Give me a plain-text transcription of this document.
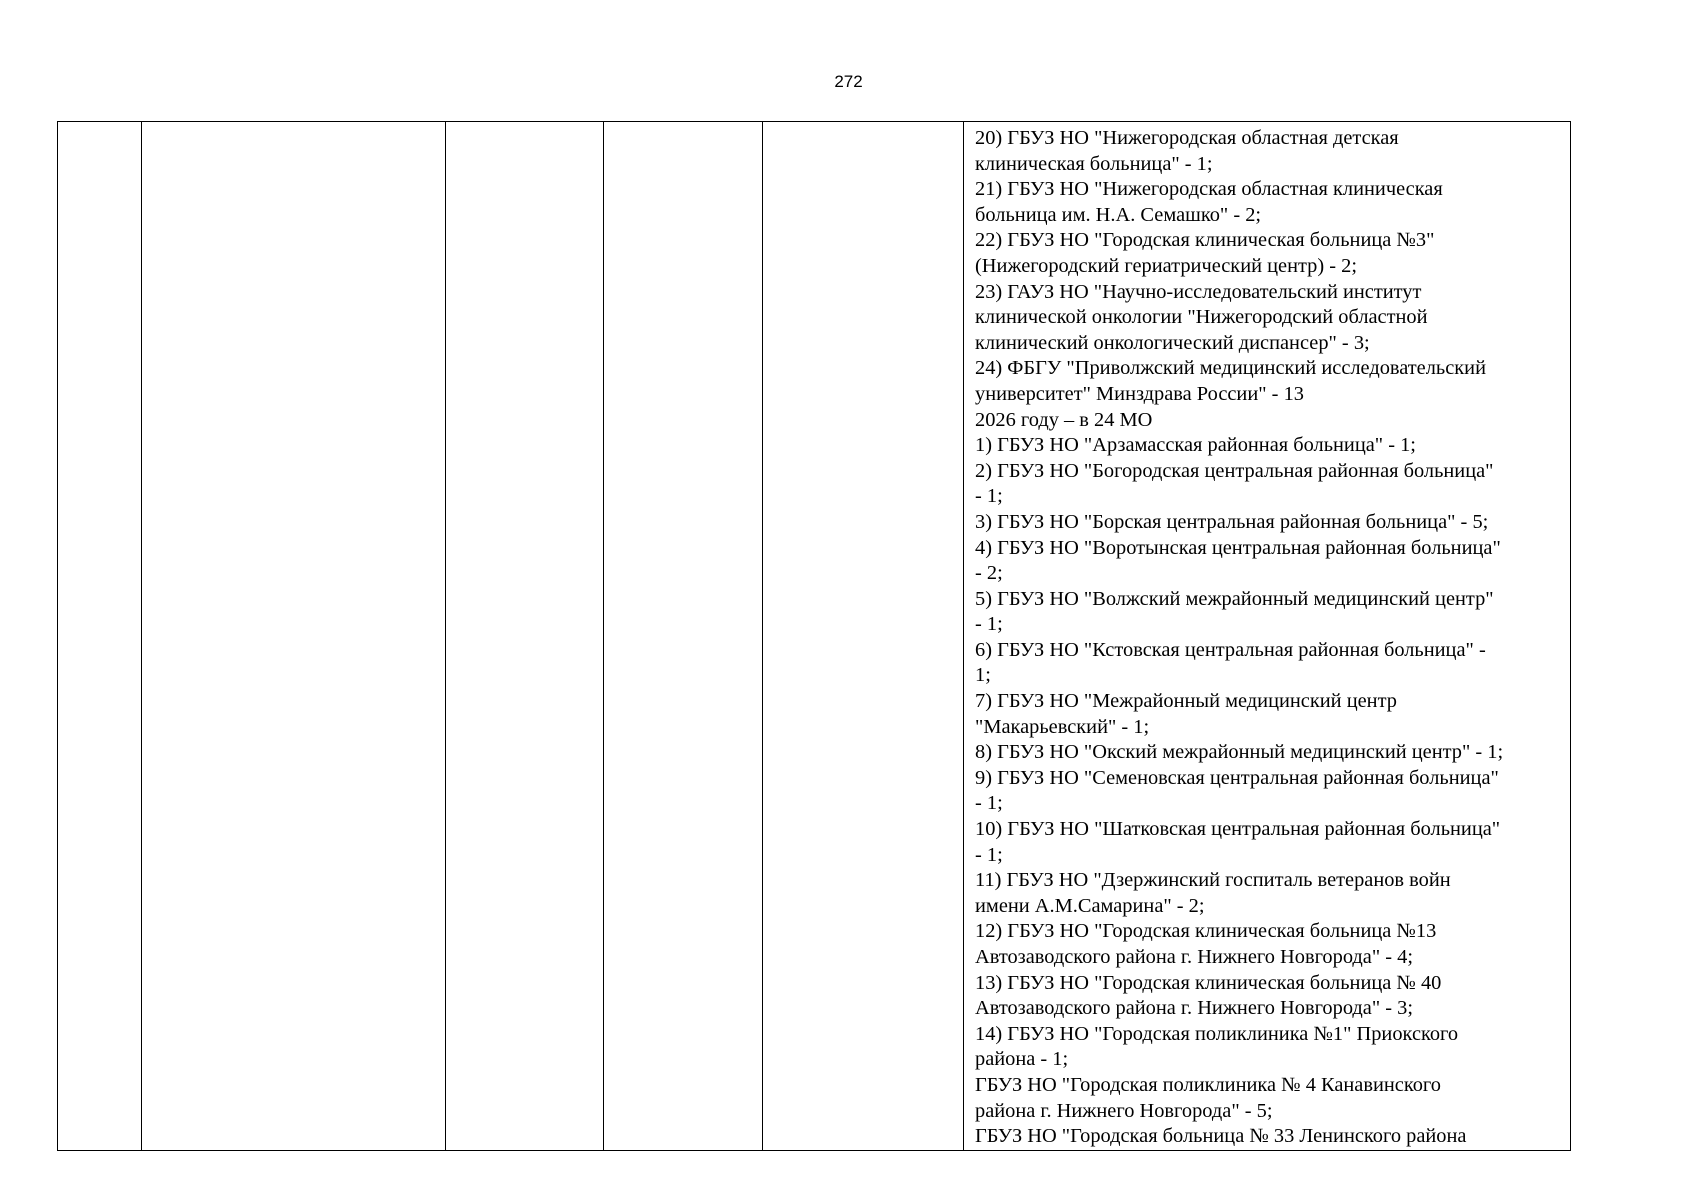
272

20) ГБУЗ НО "Нижегородская областная детская
клиническая больница" - 1;
21) ГБУЗ НО "Нижегородская областная клиническая
больница им. Н.А. Семашко" - 2;
22) ГБУЗ НО "Городская клиническая больница №3"
(Нижегородский гериатрический центр) - 2;
23) ГАУЗ НО "Научно-исследовательский институт
клинической онкологии "Нижегородский областной
клинический онкологический диспансер" - 3;
24) ФБГУ "Приволжский медицинский исследовательский
университет" Минздрава России" - 13
2026 году – в 24 МО
1) ГБУЗ НО "Арзамасская районная больница" - 1;
2) ГБУЗ НО "Богородская центральная районная больница"
- 1;
3) ГБУЗ НО "Борская центральная районная больница" - 5;
4) ГБУЗ НО "Воротынская центральная районная больница"
- 2;
5) ГБУЗ НО "Волжский межрайонный медицинский центр"
- 1;
6) ГБУЗ НО "Кстовская центральная районная больница" -
1;
7) ГБУЗ НО "Межрайонный медицинский центр
"Макарьевский" - 1;
8) ГБУЗ НО "Окский межрайонный медицинский центр" - 1;
9) ГБУЗ НО "Семеновская центральная районная больница"
- 1;
10) ГБУЗ НО "Шатковская центральная районная больница"
- 1;
11) ГБУЗ НО "Дзержинский госпиталь ветеранов войн
имени А.М.Самарина" - 2;
12) ГБУЗ НО "Городская клиническая больница №13
Автозаводского района г. Нижнего Новгорода" - 4;
13) ГБУЗ НО "Городская клиническая больница № 40
Автозаводского района г. Нижнего Новгорода" - 3;
14) ГБУЗ НО "Городская поликлиника №1" Приокского
района - 1;
ГБУЗ НО "Городская поликлиника № 4 Канавинского
района г. Нижнего Новгорода" - 5;
ГБУЗ НО "Городская больница № 33 Ленинского района
